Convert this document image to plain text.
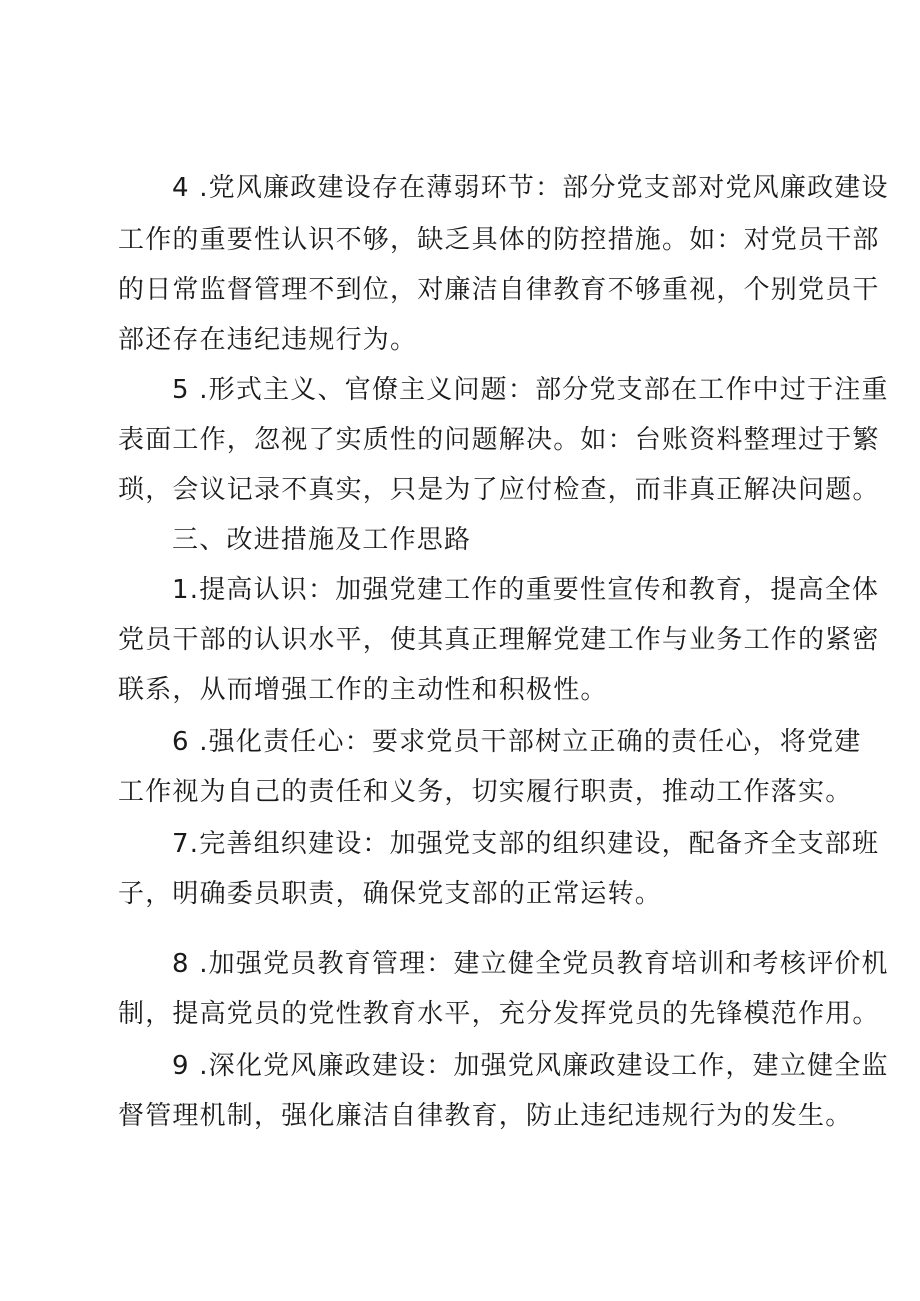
4 .党风廉政建设存在薄弱环节：部分党支部对党风廉政建设
工作的重要性认识不够，缺乏具体的防控措施。如：对党员干部
的日常监督管理不到位，对廉洁自律教育不够重视，个别党员干
部还存在违纪违规行为。
5 .形式主义、官僚主义问题：部分党支部在工作中过于注重
表面工作，忽视了实质性的问题解决。如：台账资料整理过于繁
琐，会议记录不真实，只是为了应付检查，而非真正解决问题。
三、改进措施及工作思路
1.提高认识：加强党建工作的重要性宣传和教育，提高全体
党员干部的认识水平，使其真正理解党建工作与业务工作的紧密
联系，从而增强工作的主动性和积极性。
6 .强化责任心：要求党员干部树立正确的责任心，将党建
工作视为自己的责任和义务，切实履行职责，推动工作落实。
7.完善组织建设：加强党支部的组织建设，配备齐全支部班
子，明确委员职责，确保党支部的正常运转。
8 .加强党员教育管理：建立健全党员教育培训和考核评价机
制，提高党员的党性教育水平，充分发挥党员的先锋模范作用。
9 .深化党风廉政建设：加强党风廉政建设工作，建立健全监
督管理机制，强化廉洁自律教育，防止违纪违规行为的发生。
